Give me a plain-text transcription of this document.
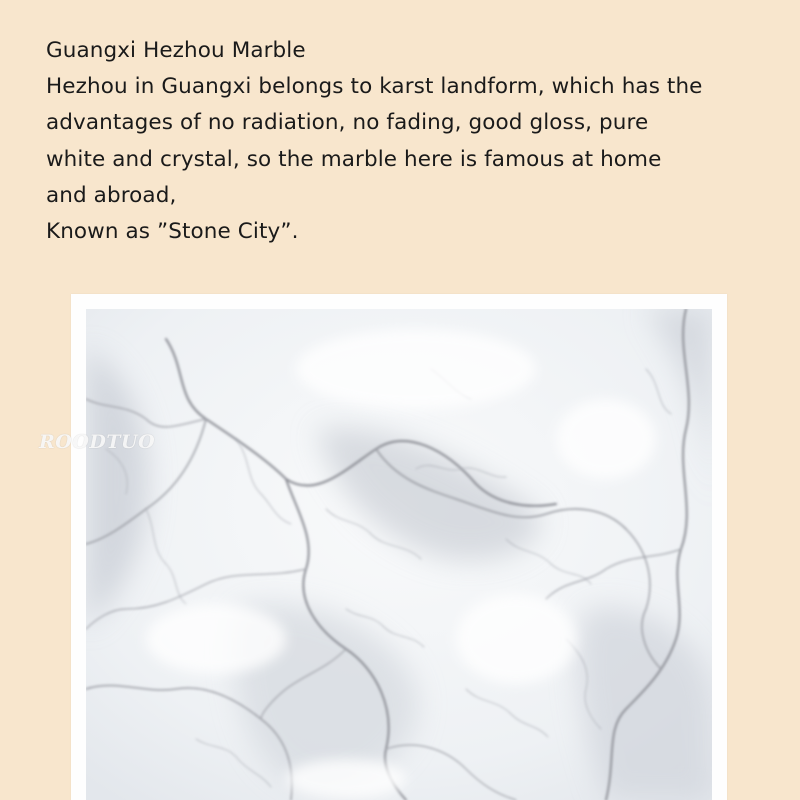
Guangxi Hezhou Marble
Hezhou in Guangxi belongs to karst landform, which has the
advantages of no radiation, no fading, good gloss, pure
white and crystal, so the marble here is famous at home
and abroad,
Known as ”Stone City”.
ROODTUO
